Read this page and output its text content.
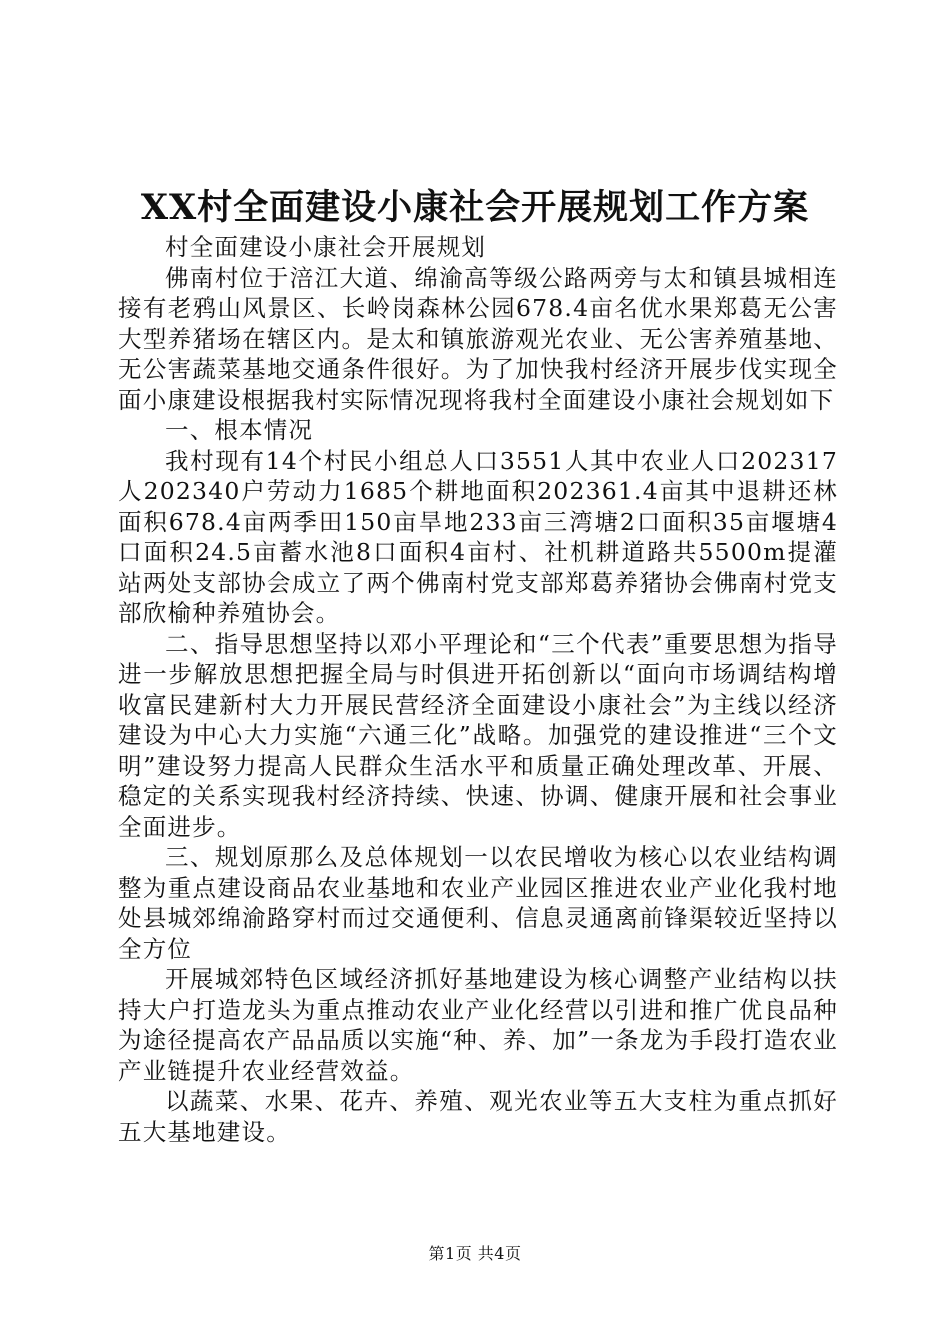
XX村全面建设小康社会开展规划工作方案

村全面建设小康社会开展规划

佛南村位于涪江大道、绵渝高等级公路两旁与太和镇县城相连接有老鸦山风景区、长岭岗森林公园678.4亩名优水果郑葛无公害大型养猪场在辖区内。是太和镇旅游观光农业、无公害养殖基地、无公害蔬菜基地交通条件很好。为了加快我村经济开展步伐实现全面小康建设根据我村实际情况现将我村全面建设小康社会规划如下

一、根本情况

我村现有14个村民小组总人口3551人其中农业人口202317人202340户劳动力1685个耕地面积202361.4亩其中退耕还林面积678.4亩两季田150亩旱地233亩三湾塘2口面积35亩堰塘4口面积24.5亩蓄水池8口面积4亩村、社机耕道路共5500m提灌站两处支部协会成立了两个佛南村党支部郑葛养猪协会佛南村党支部欣榆种养殖协会。

二、指导思想坚持以邓小平理论和“三个代表”重要思想为指导进一步解放思想把握全局与时俱进开拓创新以“面向市场调结构增收富民建新村大力开展民营经济全面建设小康社会”为主线以经济建设为中心大力实施“六通三化”战略。加强党的建设推进“三个文明”建设努力提高人民群众生活水平和质量正确处理改革、开展、稳定的关系实现我村经济持续、快速、协调、健康开展和社会事业全面进步。

三、规划原那么及总体规划一以农民增收为核心以农业结构调整为重点建设商品农业基地和农业产业园区推进农业产业化我村地处县城郊绵渝路穿村而过交通便利、信息灵通离前锋渠较近坚持以全方位

开展城郊特色区域经济抓好基地建设为核心调整产业结构以扶持大户打造龙头为重点推动农业产业化经营以引进和推广优良品种为途径提高农产品品质以实施“种、养、加”一条龙为手段打造农业产业链提升农业经营效益。

以蔬菜、水果、花卉、养殖、观光农业等五大支柱为重点抓好五大基地建设。

第1页 共4页
